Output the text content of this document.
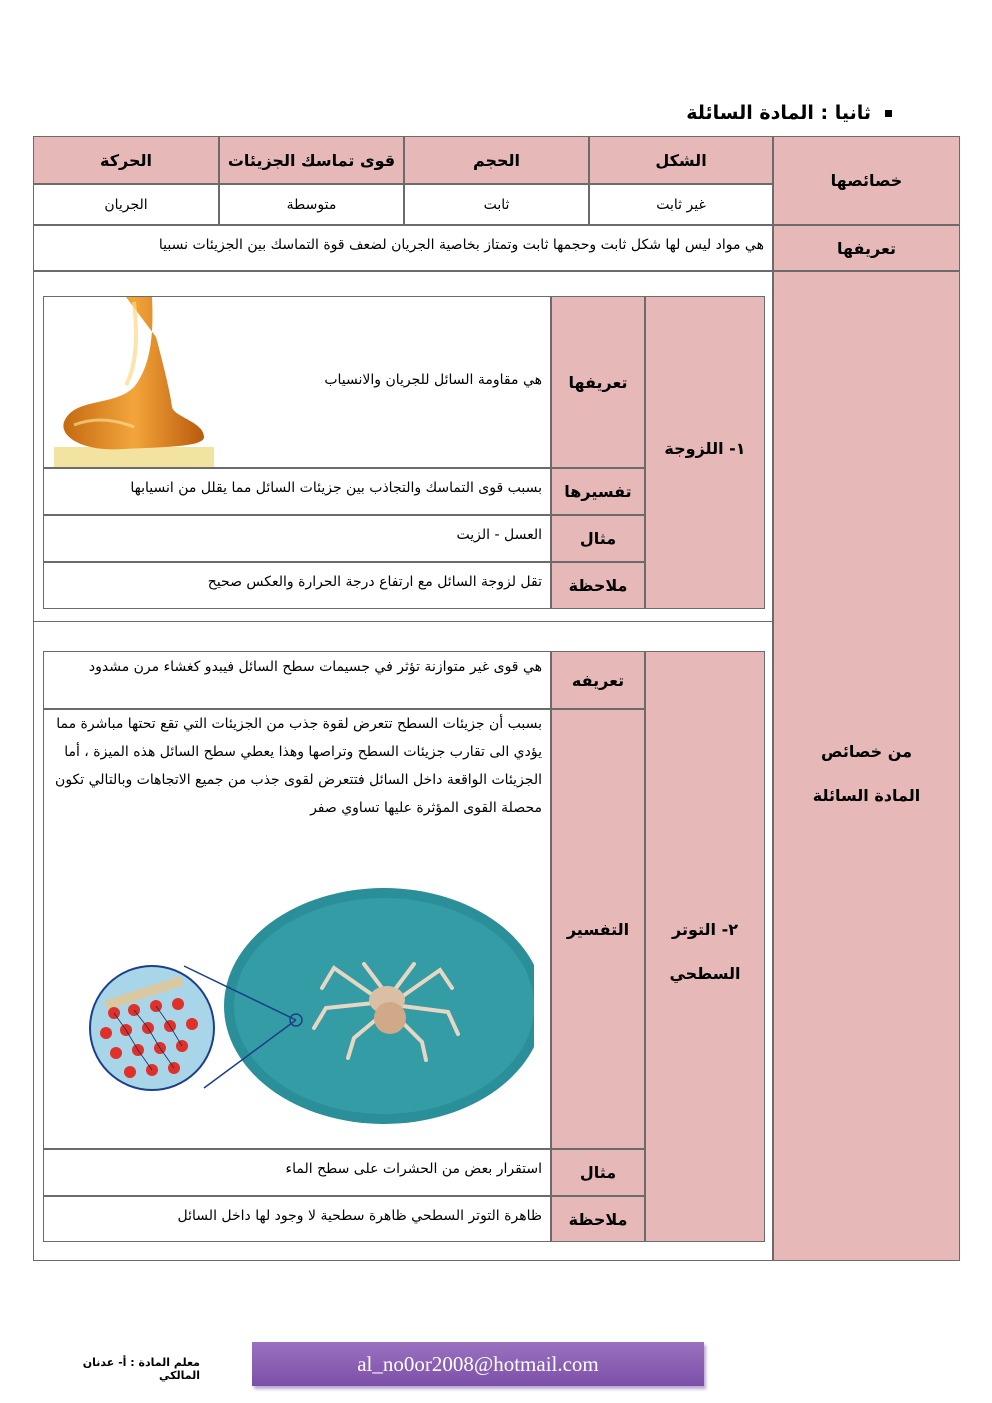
ثانيا : المادة السائلة
خصائصها
الشكل
الحجم
قوى تماسك الجزيئات
الحركة
غير ثابت
ثابت
متوسطة
الجريان
تعريفها
هي مواد ليس لها شكل ثابت وحجمها ثابت وتمتاز بخاصية الجريان لضعف قوة التماسك بين الجزيئات نسبيا
من خصائص
المادة السائلة
١- اللزوجة
تعريفها
هي مقاومة السائل للجريان والانسياب
تفسيرها
بسبب قوى التماسك والتجاذب بين جزيئات السائل مما يقلل من انسيابها
مثال
العسل - الزيت
ملاحظة
تقل لزوجة السائل مع ارتفاع درجة الحرارة والعكس صحيح
٢- التوتر
السطحي
تعريفه
هي قوى غير متوازنة تؤثر في جسيمات سطح السائل فيبدو كغشاء مرن مشدود
التفسير
بسبب أن جزيئات السطح تتعرض لقوة جذب من الجزيئات التي تقع تحتها مباشرة مما يؤدي الى تقارب جزيئات السطح وتراصها وهذا يعطي سطح السائل هذه الميزة ، أما الجزيئات الواقعة داخل السائل فتتعرض لقوى جذب من جميع الاتجاهات وبالتالي تكون محصلة القوى المؤثرة عليها تساوي صفر
مثال
استقرار بعض من الحشرات على سطح الماء
ملاحظة
ظاهرة التوتر السطحي ظاهرة سطحية لا وجود لها داخل السائل
معلم المادة : أ- عدنان المالكي	al_no0or2008@hotmail.com
